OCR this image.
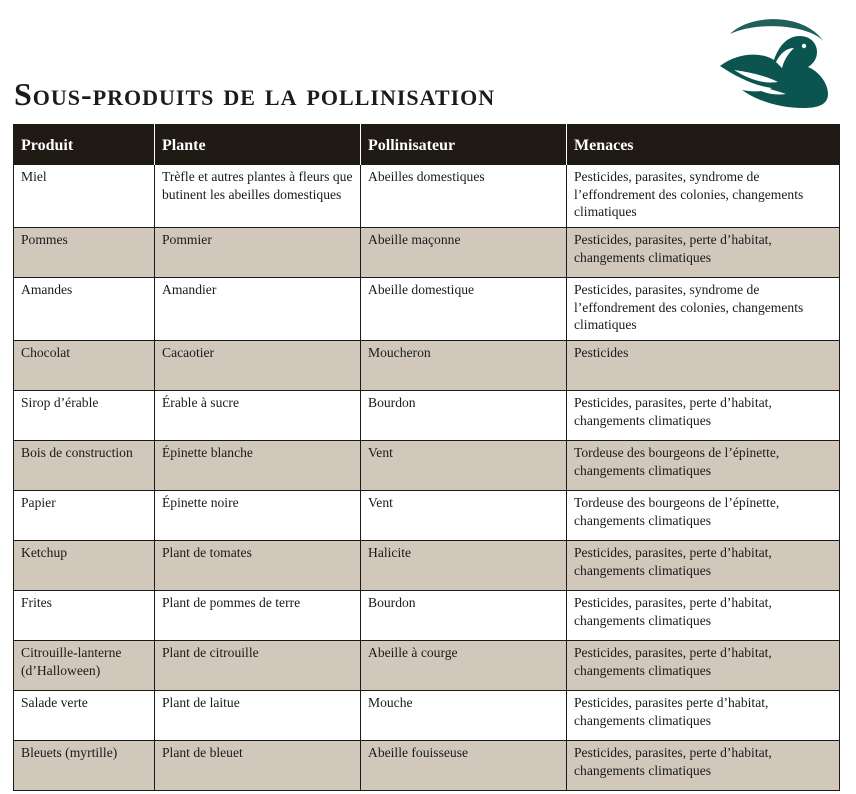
Sous-produits de la pollinisation
Produit	Plante	Pollinisateur	Menaces
Miel	Trèfle et autres plantes à fleurs que butinent les abeilles domestiques	Abeilles domestiques	Pesticides, parasites, syndrome de l’effondrement des colonies, changements climatiques
Pommes	Pommier	Abeille maçonne	Pesticides, parasites, perte d’habitat, changements climatiques
Amandes	Amandier	Abeille domestique	Pesticides, parasites, syndrome de l’effondrement des colonies, changements climatiques
Chocolat	Cacaotier	Moucheron	Pesticides
Sirop d’érable	Érable à sucre	Bourdon	Pesticides, parasites, perte d’habitat, changements climatiques
Bois de construction	Épinette blanche	Vent	Tordeuse des bourgeons de l’épinette, changements climatiques
Papier	Épinette noire	Vent	Tordeuse des bourgeons de l’épinette, changements climatiques
Ketchup	Plant de tomates	Halicite	Pesticides, parasites, perte d’habitat, changements climatiques
Frites	Plant de pommes de terre	Bourdon	Pesticides, parasites, perte d’habitat, changements climatiques
Citrouille-lanterne (d’Halloween)	Plant de citrouille	Abeille à courge	Pesticides, parasites, perte d’habitat, changements climatiques
Salade verte	Plant de laitue	Mouche	Pesticides, parasites perte d’habitat, changements climatiques
Bleuets (myrtille)	Plant de bleuet	Abeille fouisseuse	Pesticides, parasites, perte d’habitat, changements climatiques
